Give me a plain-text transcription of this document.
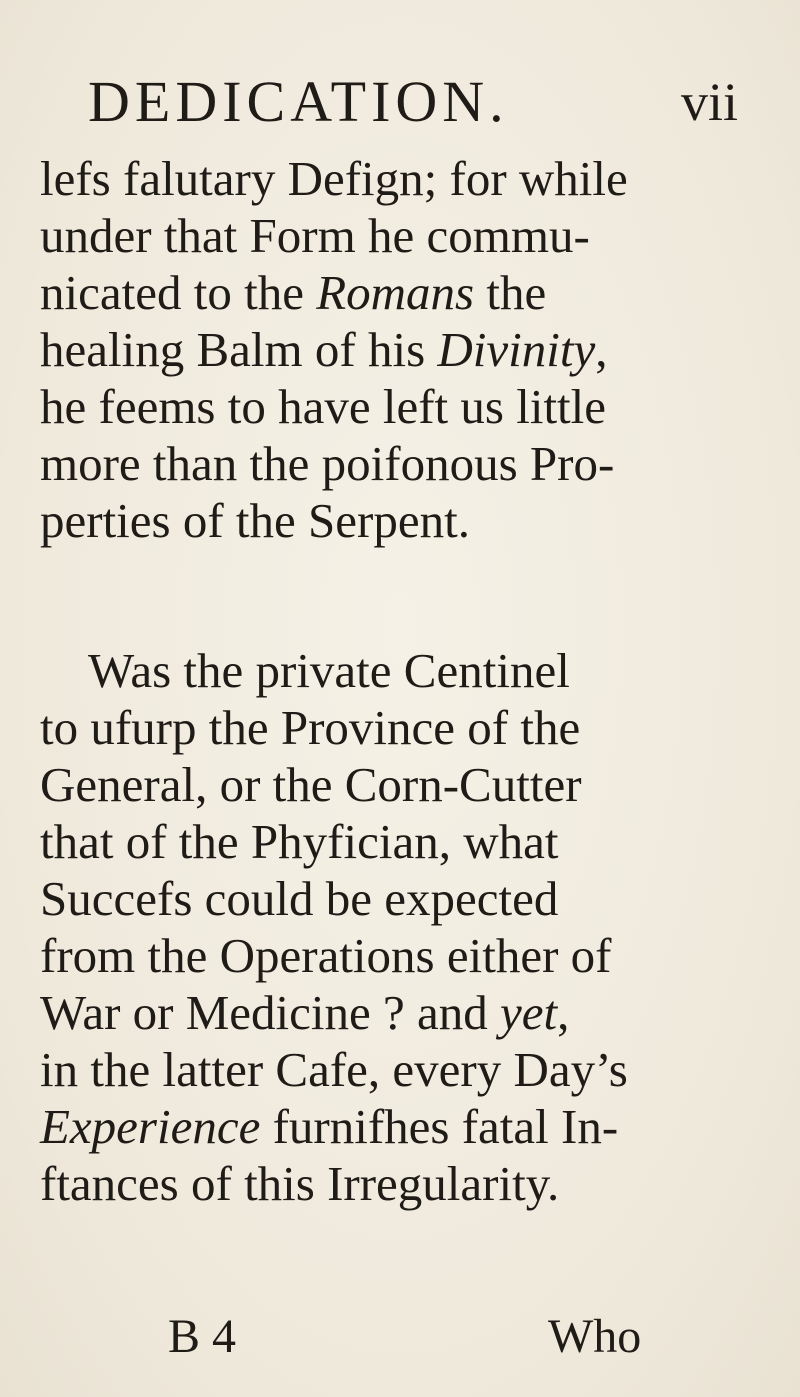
DEDICATION.	vii
lefs falutary Defign; for while
under that Form he commu-
nicated to the Romans the
healing Balm of his Divinity,
he feems to have left us little
more than the poifonous Pro-
perties of the Serpent.
Was the private Centinel
to ufurp the Province of the
General, or the Corn-Cutter
that of the Phyfician, what
Succefs could be expected
from the Operations either of
War or Medicine ? and yet,
in the latter Cafe, every Day’s
Experience furnifhes fatal In-
ftances of this Irregularity.
B 4	Who
